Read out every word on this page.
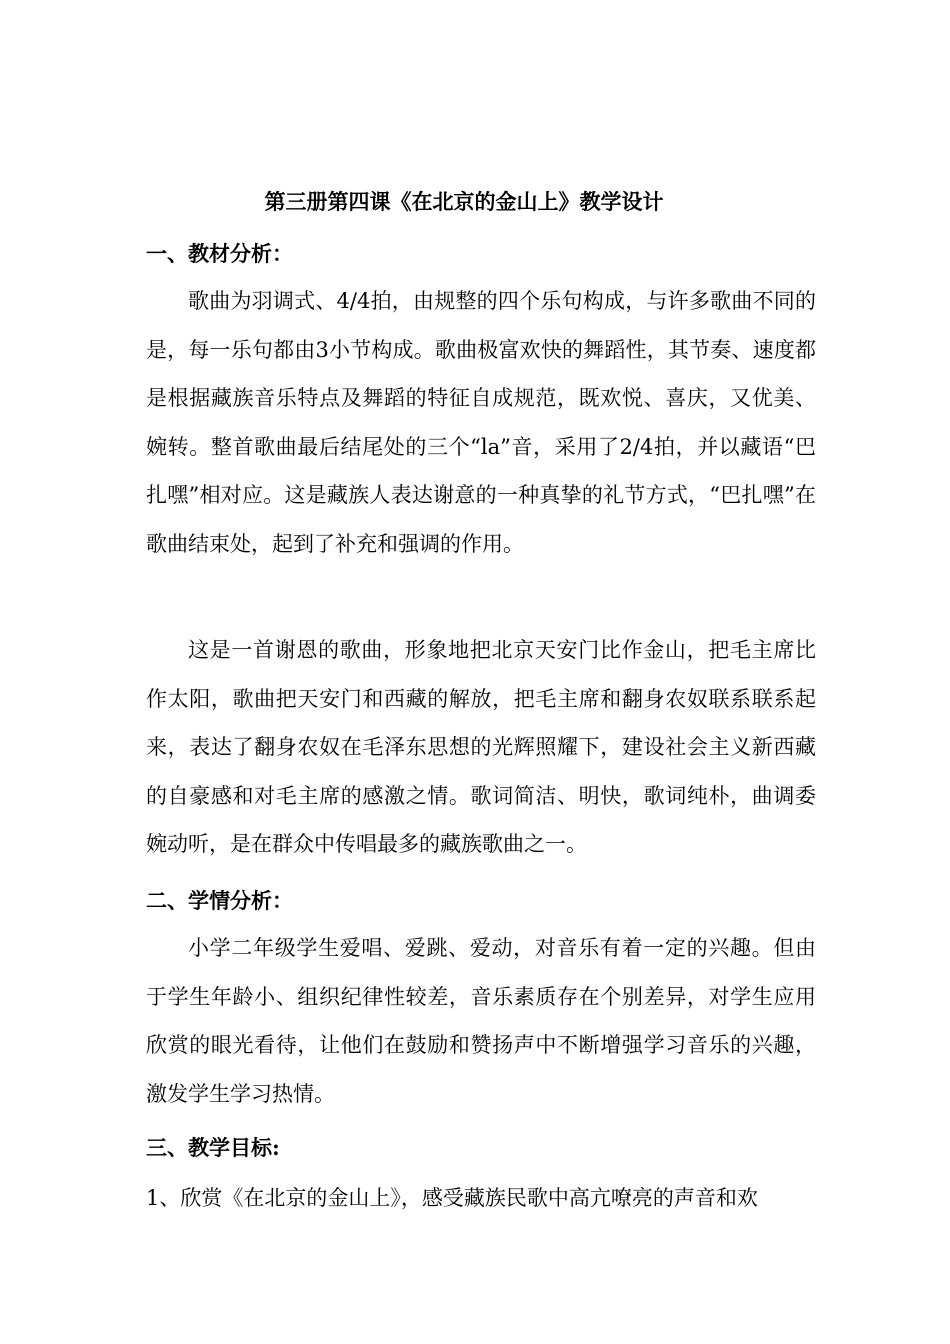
第三册第四课《在北京的金山上》教学设计
一、教材分析：
歌曲为羽调式、4/4拍，由规整的四个乐句构成，与许多歌曲不同的是，每一乐句都由3小节构成。歌曲极富欢快的舞蹈性，其节奏、速度都是根据藏族音乐特点及舞蹈的特征自成规范，既欢悦、喜庆，又优美、婉转。整首歌曲最后结尾处的三个“la”音，采用了2/4拍，并以藏语“巴扎嘿”相对应。这是藏族人表达谢意的一种真挚的礼节方式，“巴扎嘿”在歌曲结束处，起到了补充和强调的作用。
这是一首谢恩的歌曲，形象地把北京天安门比作金山，把毛主席比作太阳，歌曲把天安门和西藏的解放，把毛主席和翻身农奴联系联系起来，表达了翻身农奴在毛泽东思想的光辉照耀下，建设社会主义新西藏的自豪感和对毛主席的感激之情。歌词简洁、明快，歌词纯朴，曲调委婉动听，是在群众中传唱最多的藏族歌曲之一。
二、学情分析：
小学二年级学生爱唱、爱跳、爱动，对音乐有着一定的兴趣。但由于学生年龄小、组织纪律性较差，音乐素质存在个别差异，对学生应用欣赏的眼光看待，让他们在鼓励和赞扬声中不断增强学习音乐的兴趣，激发学生学习热情。
三、教学目标:
1、欣赏《在北京的金山上》，感受藏族民歌中高亢嘹亮的声音和欢
